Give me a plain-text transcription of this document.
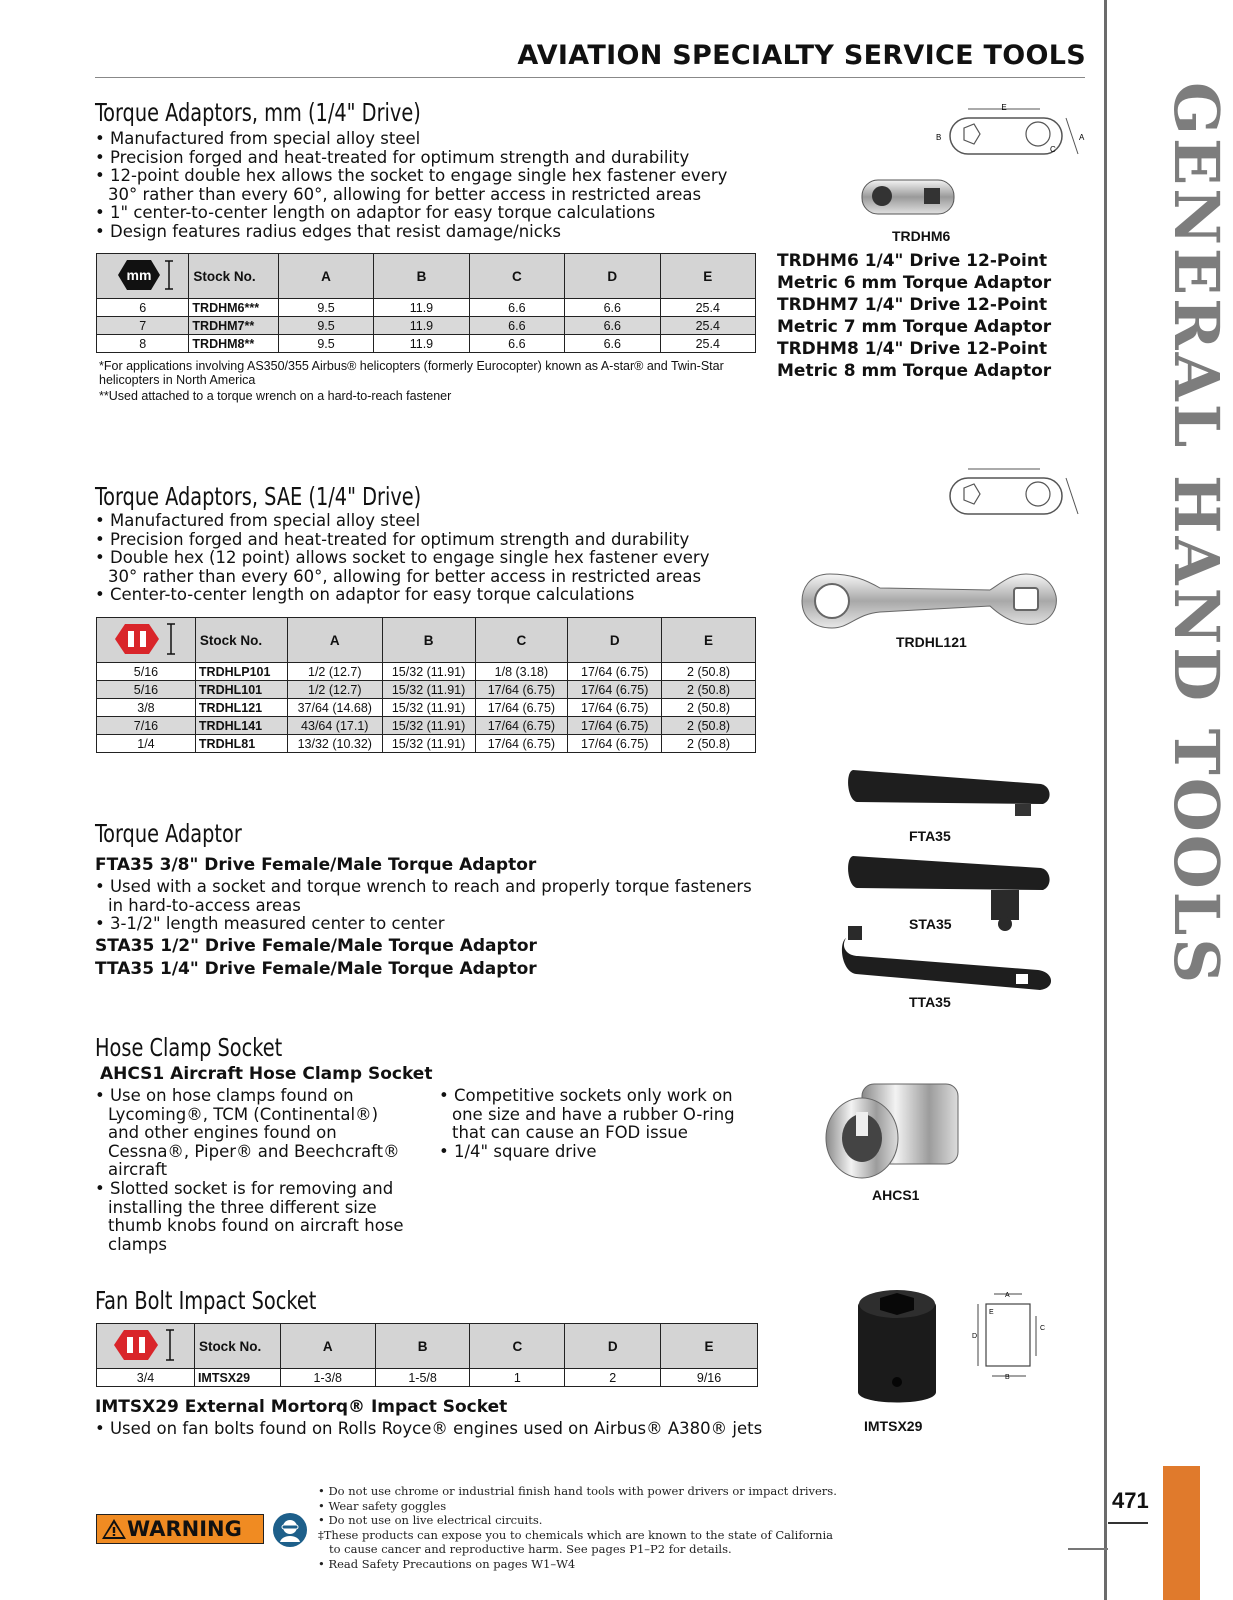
GENERAL HAND TOOLS
471
AVIATION SPECIALTY SERVICE TOOLS
Torque Adaptors, mm (1/4" Drive)
• Manufactured from special alloy steel
• Precision forged and heat-treated for optimum strength and durability
• 12-point double hex allows the socket to engage single hex fastener every 30° rather than every 60°, allowing for better access in restricted areas
• 1" center-to-center length on adaptor for easy torque calculations
• Design features radius edges that resist damage/nicks
mm	Stock No.	A	B	C	D	E
6	TRDHM6***	9.5	11.9	6.6	6.6	25.4
7	TRDHM7**	9.5	11.9	6.6	6.6	25.4
8	TRDHM8**	9.5	11.9	6.6	6.6	25.4
*For applications involving AS350/355 Airbus® helicopters (formerly Eurocopter) known as A-star® and Twin-Star helicopters in North America
**Used attached to a torque wrench on a hard-to-reach fastener
E
A
B
C
TRDHM6
TRDHM6 1/4" Drive 12-Point Metric 6 mm Torque Adaptor
TRDHM7 1/4" Drive 12-Point Metric 7 mm Torque Adaptor
TRDHM8 1/4" Drive 12-Point Metric 8 mm Torque Adaptor
Torque Adaptors, SAE (1/4" Drive)
• Manufactured from special alloy steel
• Precision forged and heat-treated for optimum strength and durability
• Double hex (12 point) allows socket to engage single hex fastener every 30° rather than every 60°, allowing for better access in restricted areas
• Center-to-center length on adaptor for easy torque calculations
	Stock No.	A	B	C	D	E
5/16	TRDHLP101	1/2 (12.7)	15/32 (11.91)	1/8 (3.18)	17/64 (6.75)	2 (50.8)
5/16	TRDHL101	1/2 (12.7)	15/32 (11.91)	17/64 (6.75)	17/64 (6.75)	2 (50.8)
3/8	TRDHL121	37/64 (14.68)	15/32 (11.91)	17/64 (6.75)	17/64 (6.75)	2 (50.8)
7/16	TRDHL141	43/64 (17.1)	15/32 (11.91)	17/64 (6.75)	17/64 (6.75)	2 (50.8)
1/4	TRDHL81	13/32 (10.32)	15/32 (11.91)	17/64 (6.75)	17/64 (6.75)	2 (50.8)
TRDHL121
Torque Adaptor
FTA35 3/8" Drive Female/Male Torque Adaptor
• Used with a socket and torque wrench to reach and properly torque fasteners in hard-to-access areas
• 3-1/2" length measured center to center
STA35 1/2" Drive Female/Male Torque Adaptor
TTA35 1/4" Drive Female/Male Torque Adaptor
FTA35
STA35
TTA35
Hose Clamp Socket
AHCS1 Aircraft Hose Clamp Socket
• Use on hose clamps found on Lycoming®, TCM (Continental®) and other engines found on Cessna®, Piper® and Beechcraft® aircraft
• Slotted socket is for removing and installing the three different size thumb knobs found on aircraft hose clamps
• Competitive sockets only work on one size and have a rubber O-ring that can cause an FOD issue
• 1/4" square drive
AHCS1
Fan Bolt Impact Socket
	Stock No.	A	B	C	D	E
3/4	IMTSX29	1-3/8	1-5/8	1	2	9/16
IMTSX29 External Mortorq® Impact Socket
• Used on fan bolts found on Rolls Royce® engines used on Airbus® A380® jets	IMTSX29
A
E
D
C
B
WARNING
• Do not use chrome or industrial finish hand tools with power drivers or impact drivers.
• Wear safety goggles
• Do not use on live electrical circuits.
‡These products can expose you to chemicals which are known to the state of California
to cause cancer and reproductive harm. See pages P1–P2 for details.
• Read Safety Precautions on pages W1–W4
